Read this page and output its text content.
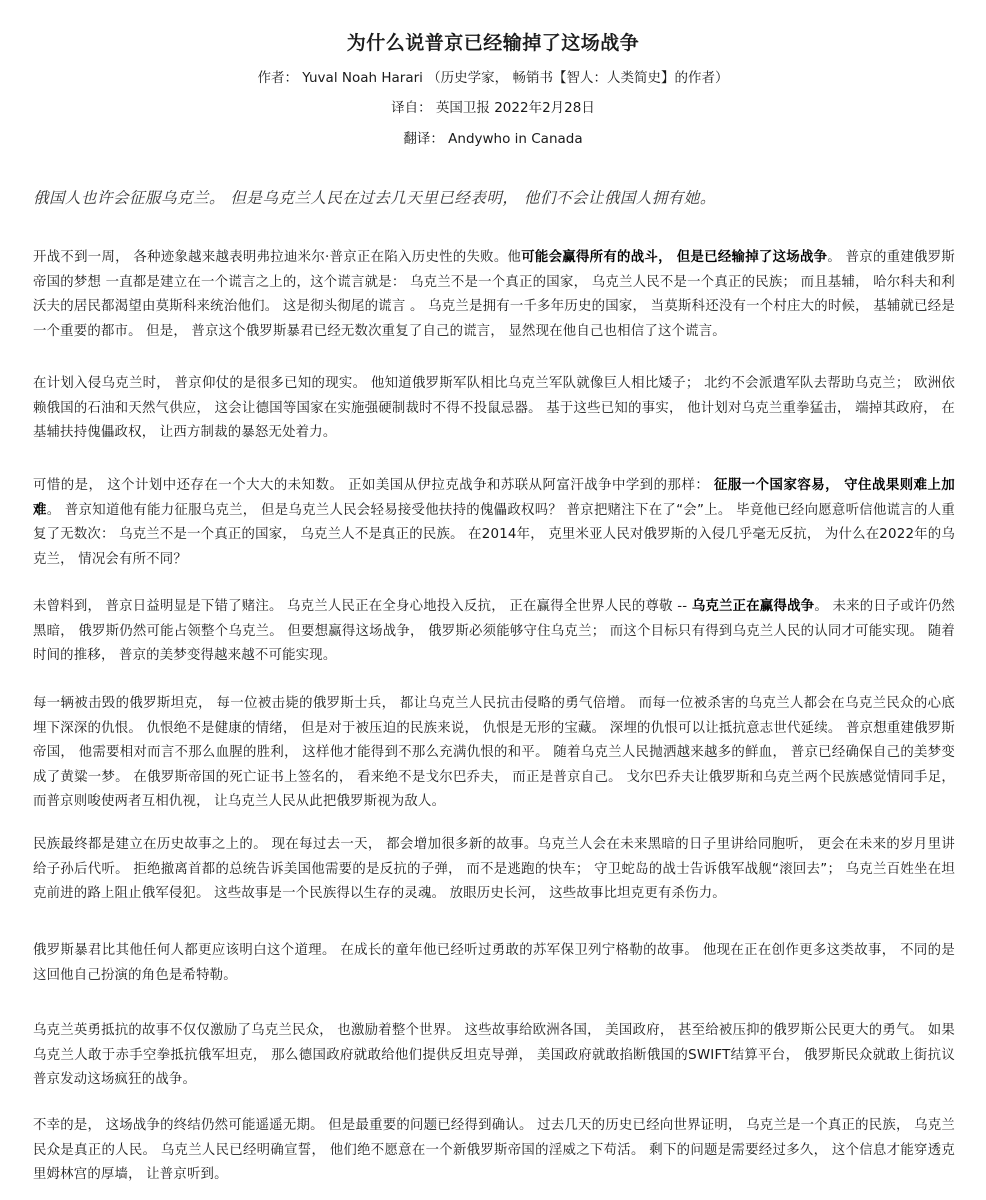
为什么说普京已经输掉了这场战争
作者： Yuval Noah Harari （历史学家， 畅销书【智人：人类简史】的作者）
译自： 英国卫报 2022年2月28日
翻译： Andywho in Canada
俄国人也许会征服乌克兰。 但是乌克兰人民在过去几天里已经表明， 他们不会让俄国人拥有她。
开战不到一周， 各种迹象越来越表明弗拉迪米尔·普京正在陷入历史性的失败。他可能会赢得所有的战斗， 但是已经输掉了这场战争。 普京的重建俄罗斯帝国的梦想 一直都是建立在一个谎言之上的，这个谎言就是： 乌克兰不是一个真正的国家， 乌克兰人民不是一个真正的民族； 而且基辅， 哈尔科夫和利沃夫的居民都渴望由莫斯科来统治他们。 这是彻头彻尾的谎言 。 乌克兰是拥有一千多年历史的国家， 当莫斯科还没有一个村庄大的时候， 基辅就已经是一个重要的都市。 但是， 普京这个俄罗斯暴君已经无数次重复了自己的谎言， 显然现在他自己也相信了这个谎言。
在计划入侵乌克兰时， 普京仰仗的是很多已知的现实。 他知道俄罗斯军队相比乌克兰军队就像巨人相比矮子； 北约不会派遣军队去帮助乌克兰； 欧洲依赖俄国的石油和天然气供应， 这会让德国等国家在实施强硬制裁时不得不投鼠忌器。 基于这些已知的事实， 他计划对乌克兰重拳猛击， 端掉其政府， 在基辅扶持傀儡政权， 让西方制裁的暴怒无处着力。
可惜的是， 这个计划中还存在一个大大的未知数。 正如美国从伊拉克战争和苏联从阿富汗战争中学到的那样： 征服一个国家容易， 守住战果则难上加难。 普京知道他有能力征服乌克兰， 但是乌克兰人民会轻易接受他扶持的傀儡政权吗？ 普京把赌注下在了“会”上。 毕竟他已经向愿意听信他谎言的人重复了无数次： 乌克兰不是一个真正的国家， 乌克兰人不是真正的民族。 在2014年， 克里米亚人民对俄罗斯的入侵几乎毫无反抗， 为什么在2022年的乌克兰， 情况会有所不同？
未曾料到， 普京日益明显是下错了赌注。 乌克兰人民正在全身心地投入反抗， 正在赢得全世界人民的尊敬 -- 乌克兰正在赢得战争。 未来的日子或许仍然黑暗， 俄罗斯仍然可能占领整个乌克兰。 但要想赢得这场战争， 俄罗斯必须能够守住乌克兰； 而这个目标只有得到乌克兰人民的认同才可能实现。 随着时间的推移， 普京的美梦变得越来越不可能实现。
每一辆被击毁的俄罗斯坦克， 每一位被击毙的俄罗斯士兵， 都让乌克兰人民抗击侵略的勇气倍增。 而每一位被杀害的乌克兰人都会在乌克兰民众的心底埋下深深的仇恨。 仇恨绝不是健康的情绪， 但是对于被压迫的民族来说， 仇恨是无形的宝藏。 深埋的仇恨可以让抵抗意志世代延续。 普京想重建俄罗斯帝国， 他需要相对而言不那么血腥的胜利， 这样他才能得到不那么充满仇恨的和平。 随着乌克兰人民抛洒越来越多的鲜血， 普京已经确保自己的美梦变成了黄粱一梦。 在俄罗斯帝国的死亡证书上签名的， 看来绝不是戈尔巴乔夫， 而正是普京自己。 戈尔巴乔夫让俄罗斯和乌克兰两个民族感觉情同手足， 而普京则唆使两者互相仇视， 让乌克兰人民从此把俄罗斯视为敌人。
民族最终都是建立在历史故事之上的。 现在每过去一天， 都会增加很多新的故事。乌克兰人会在未来黑暗的日子里讲给同胞听， 更会在未来的岁月里讲给子孙后代听。 拒绝撤离首都的总统告诉美国他需要的是反抗的子弹， 而不是逃跑的快车； 守卫蛇岛的战士告诉俄军战舰“滚回去”； 乌克兰百姓坐在坦克前进的路上阻止俄军侵犯。 这些故事是一个民族得以生存的灵魂。 放眼历史长河， 这些故事比坦克更有杀伤力。
俄罗斯暴君比其他任何人都更应该明白这个道理。 在成长的童年他已经听过勇敢的苏军保卫列宁格勒的故事。 他现在正在创作更多这类故事， 不同的是这回他自己扮演的角色是希特勒。
乌克兰英勇抵抗的故事不仅仅激励了乌克兰民众， 也激励着整个世界。 这些故事给欧洲各国， 美国政府， 甚至给被压抑的俄罗斯公民更大的勇气。 如果乌克兰人敢于赤手空拳抵抗俄军坦克， 那么德国政府就敢给他们提供反坦克导弹， 美国政府就敢掐断俄国的SWIFT结算平台， 俄罗斯民众就敢上街抗议普京发动这场疯狂的战争。
不幸的是， 这场战争的终结仍然可能遥遥无期。 但是最重要的问题已经得到确认。 过去几天的历史已经向世界证明， 乌克兰是一个真正的民族， 乌克兰民众是真正的人民。 乌克兰人民已经明确宣誓， 他们绝不愿意在一个新俄罗斯帝国的淫威之下苟活。 剩下的问题是需要经过多久， 这个信息才能穿透克里姆林宫的厚墙， 让普京听到。
